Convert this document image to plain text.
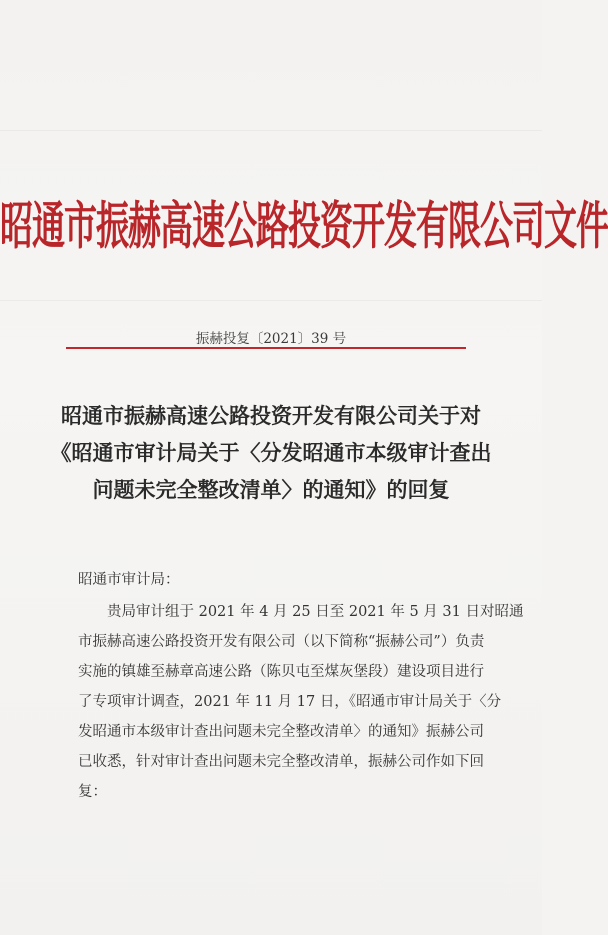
昭通市振赫高速公路投资开发有限公司文件
振赫投复〔2021〕39 号
昭通市振赫高速公路投资开发有限公司关于对
《昭通市审计局关于〈分发昭通市本级审计查出
问题未完全整改清单〉的通知》的回复
昭通市审计局：
贵局审计组于 2021 年 4 月 25 日至 2021 年 5 月 31 日对昭通
市振赫高速公路投资开发有限公司（以下简称“振赫公司”）负责
实施的镇雄至赫章高速公路（陈贝屯至煤灰堡段）建设项目进行
了专项审计调查，2021 年 11 月 17 日，《昭通市审计局关于〈分
发昭通市本级审计查出问题未完全整改清单〉的通知》振赫公司
已收悉，针对审计查出问题未完全整改清单，振赫公司作如下回
复：
